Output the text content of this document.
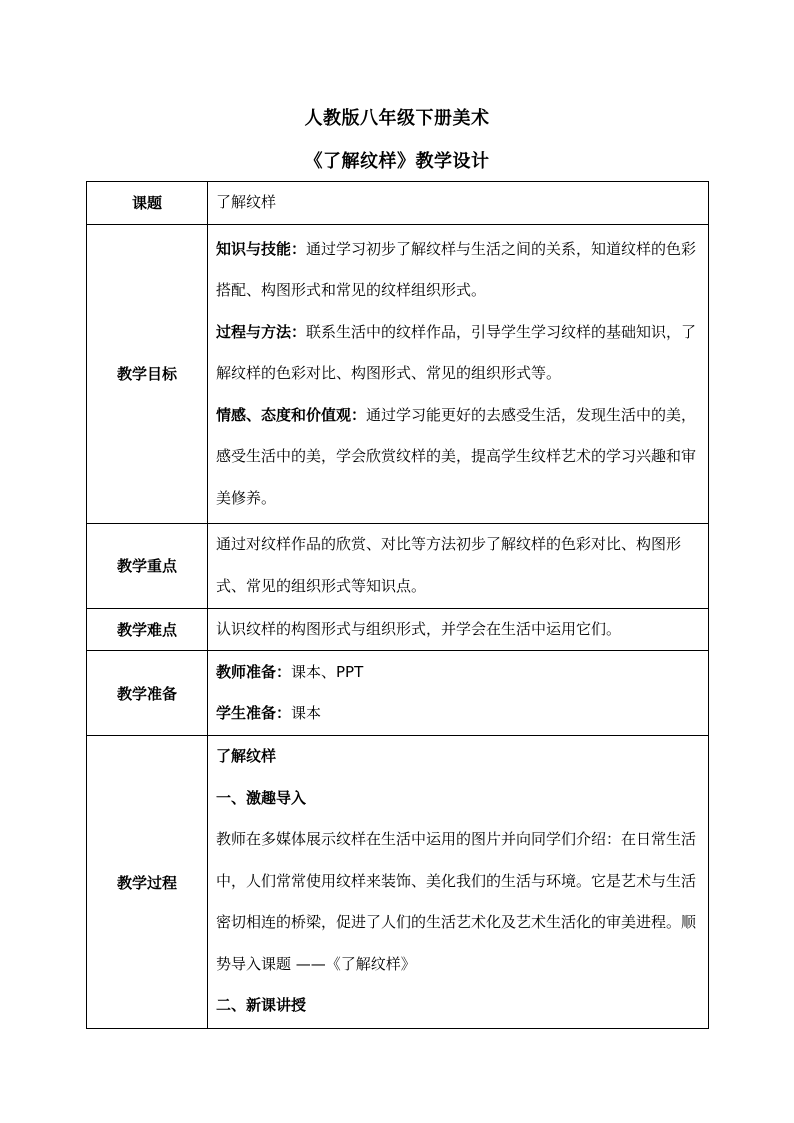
人教版八年级下册美术
《了解纹样》教学设计
课题	了解纹样
教学目标	知识与技能：通过学习初步了解纹样与生活之间的关系，知道纹样的色彩搭配、构图形式和常见的纹样组织形式。
过程与方法：联系生活中的纹样作品，引导学生学习纹样的基础知识，了解纹样的色彩对比、构图形式、常见的组织形式等。
情感、态度和价值观：通过学习能更好的去感受生活，发现生活中的美，感受生活中的美，学会欣赏纹样的美，提高学生纹样艺术的学习兴趣和审美修养。

教学重点	通过对纹样作品的欣赏、对比等方法初步了解纹样的色彩对比、构图形式、常见的组织形式等知识点。
教学难点	认识纹样的构图形式与组织形式，并学会在生活中运用它们。
教学准备	教师准备：课本、PPT
学生准备：课本

教学过程	了解纹样
一、激趣导入
教师在多媒体展示纹样在生活中运用的图片并向同学们介绍：在日常生活中，人们常常使用纹样来装饰、美化我们的生活与环境。它是艺术与生活密切相连的桥梁，促进了人们的生活艺术化及艺术生活化的审美进程。顺势导入课题 ——《了解纹样》
二、新课讲授
